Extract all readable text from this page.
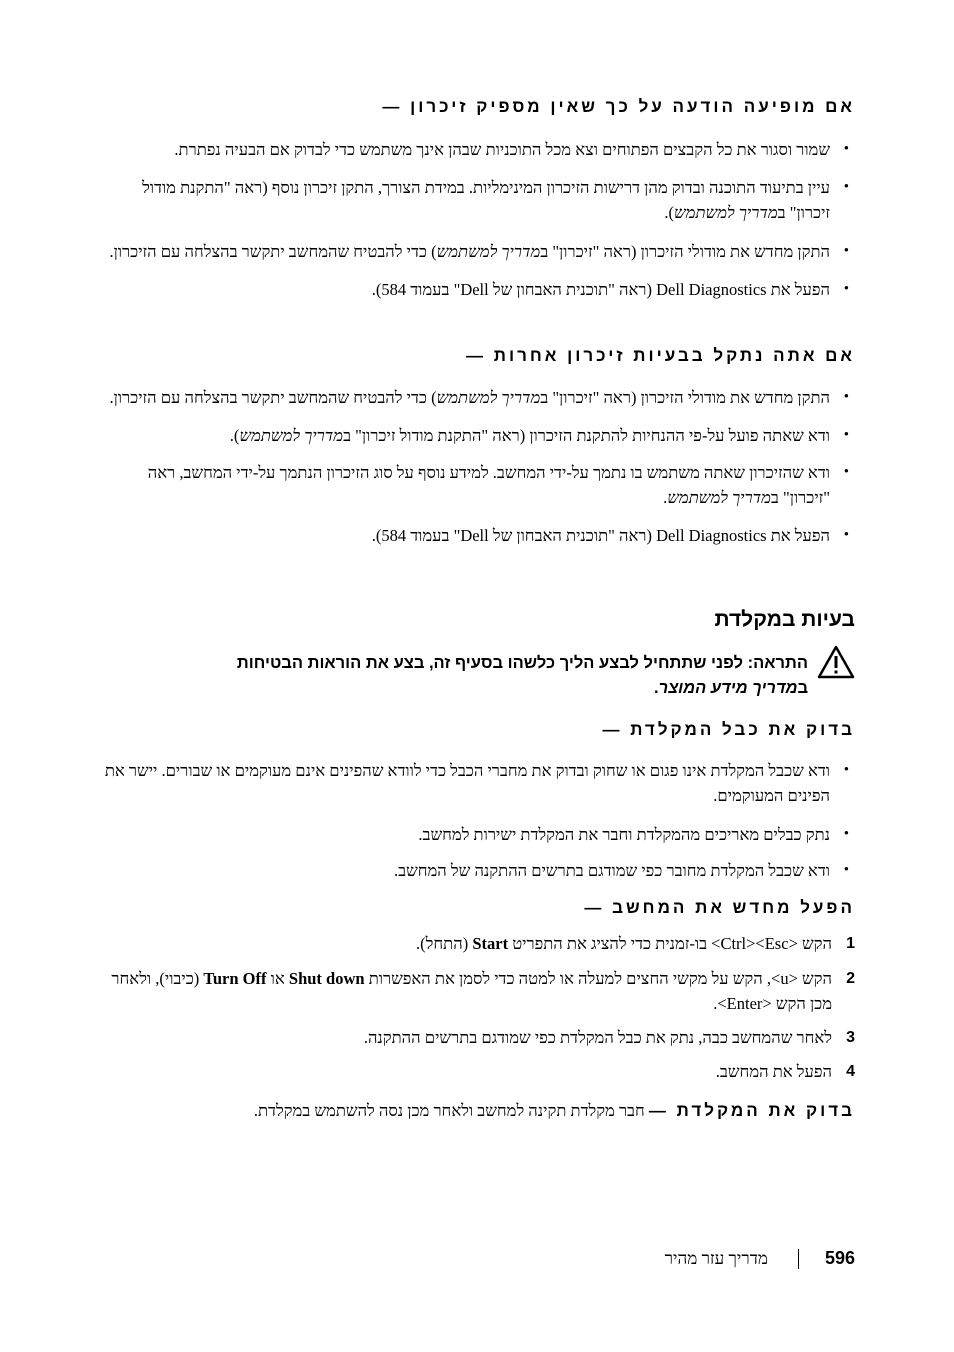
אם מופיעה הודעה על כך שאין מספיק זיכרון —
• שמור וסגור את כל הקבצים הפתוחים וצא מכל התוכניות שבהן אינך משתמש כדי לבדוק אם הבעיה נפתרת.
• עיין בתיעוד התוכנה ובדוק מהן דרישות הזיכרון המינימליות. במידת הצורך, התקן זיכרון נוסף (ראה "התקנת מודול זיכרון" במדריך למשתמש).
• התקן מחדש את מודולי הזיכרון (ראה "זיכרון" במדריך למשתמש) כדי להבטיח שהמחשב יתקשר בהצלחה עם הזיכרון.
• הפעל את Dell Diagnostics (ראה "תוכנית האבחון של Dell" בעמוד 584).
אם אתה נתקל בבעיות זיכרון אחרות —
• התקן מחדש את מודולי הזיכרון (ראה "זיכרון" במדריך למשתמש) כדי להבטיח שהמחשב יתקשר בהצלחה עם הזיכרון.
• ודא שאתה פועל על-פי ההנחיות להתקנת הזיכרון (ראה "התקנת מודול זיכרון" במדריך למשתמש).
• ודא שהזיכרון שאתה משתמש בו נתמך על-ידי המחשב. למידע נוסף על סוג הזיכרון הנתמך על-ידי המחשב, ראה "זיכרון" במדריך למשתמש.
• הפעל את Dell Diagnostics (ראה "תוכנית האבחון של Dell" בעמוד 584).
בעיות במקלדת
התראה: לפני שתתחיל לבצע הליך כלשהו בסעיף זה, בצע את הוראות הבטיחות
במדריך מידע המוצר.
בדוק את כבל המקלדת —
• ודא שכבל המקלדת אינו פגום או שחוק ובדוק את מחברי הכבל כדי לוודא שהפינים אינם מעוקמים או שבורים. יישר את הפינים המעוקמים.
• נתק כבלים מאריכים מהמקלדת וחבר את המקלדת ישירות למחשב.
• ודא שכבל המקלדת מחובר כפי שמודגם בתרשים ההתקנה של המחשב.
הפעל מחדש את המחשב —
1
הקש <Ctrl><Esc> בו-זמנית כדי להציג את התפריט Start (התחל).
2
הקש <u>, הקש על מקשי החצים למעלה או למטה כדי לסמן את האפשרות Shut down או Turn Off (כיבוי), ולאחר מכן הקש <Enter>.
3
לאחר שהמחשב כבה, נתק את כבל המקלדת כפי שמודגם בתרשים ההתקנה.
4
הפעל את המחשב.
בדוק את המקלדת — חבר מקלדת תקינה למחשב ולאחר מכן נסה להשתמש במקלדת.
596
מדריך עזר מהיר
